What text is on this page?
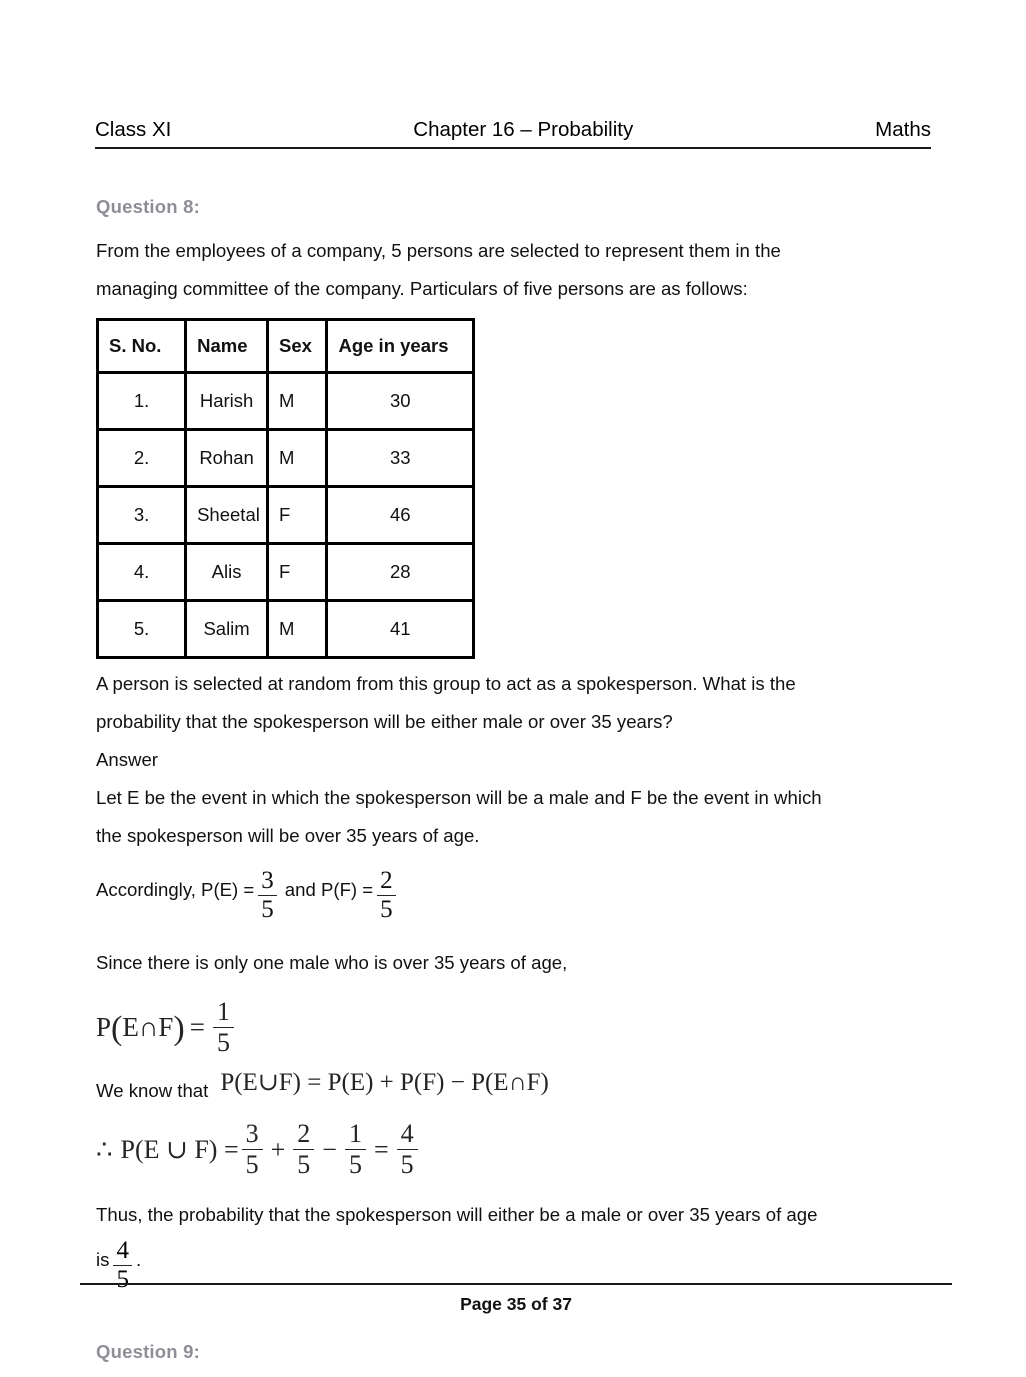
Class XI	Chapter 16 – Probability	Maths
Question 8:
From the employees of a company, 5 persons are selected to represent them in the
managing committee of the company. Particulars of five persons are as follows:
S. No.	Name	Sex	Age in years
1.	Harish	M	30
2.	Rohan	M	33
3.	Sheetal	F	46
4.	Alis	F	28
5.	Salim	M	41
A person is selected at random from this group to act as a spokesperson. What is the
probability that the spokesperson will be either male or over 35 years?
Answer
Let E be the event in which the spokesperson will be a male and F be the event in which
the spokesperson will be over 35 years of age.
Accordingly, $P(E) = \frac{3}{5}$ and $P(F) = \frac{2}{5}$
Since there is only one male who is over 35 years of age,
P ( E ∩ F ) = $\frac{1}{5}$
We know that P(E∪F) = P(E) + P(F) − P(E∩F)
∴ P(E ∪ $F) = \frac{3}{5} + \frac{2}{5} - \frac{1}{5} = \frac{4}{5}$
Thus, the probability that the spokesperson will either be a male or over 35 years of age
is $\frac{4}{5}$ .
Question 9:
Page 35 of 37
